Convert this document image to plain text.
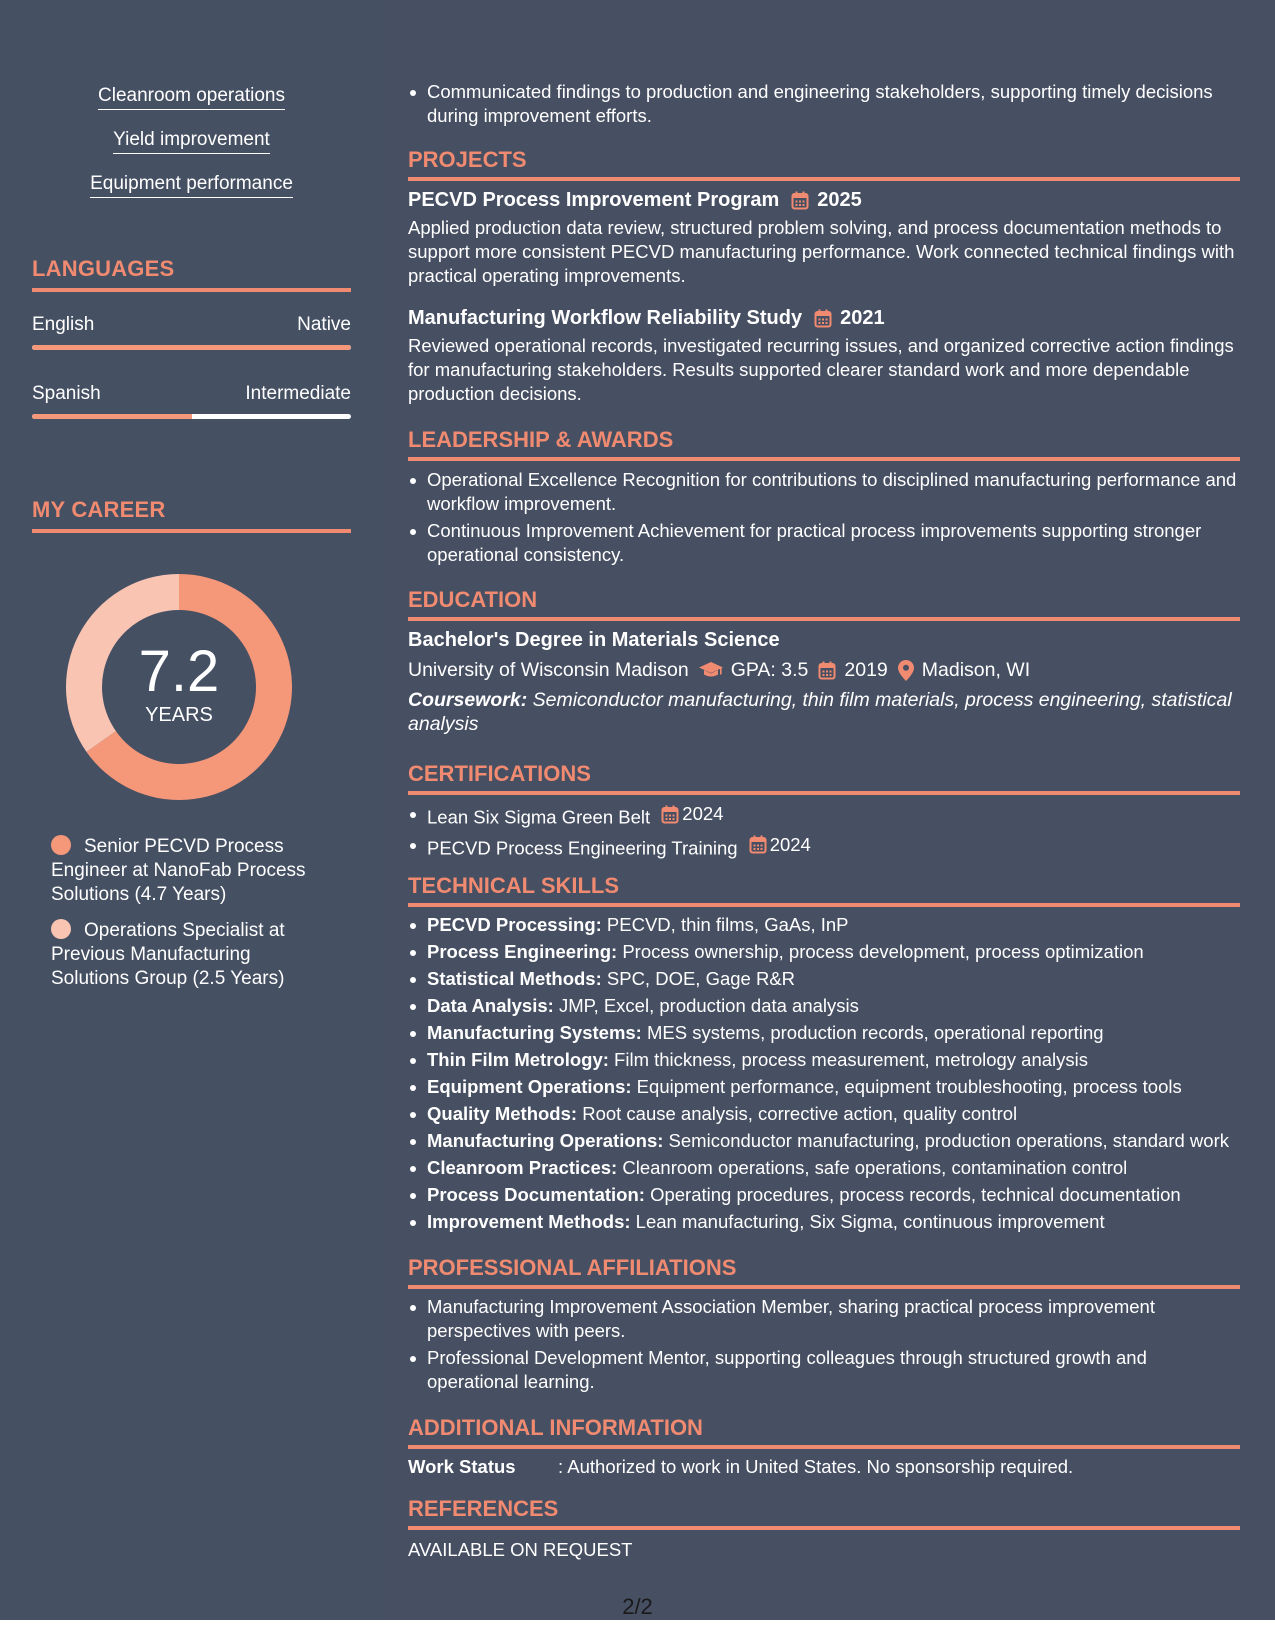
Cleanroom operations
Yield improvement
Equipment performance
LANGUAGES
English	Native
Spanish	Intermediate
MY CAREER
7.2
YEARS
Senior PECVD Process Engineer at NanoFab Process Solutions (4.7 Years)
Operations Specialist at Previous Manufacturing Solutions Group (2.5 Years)
Communicated findings to production and engineering stakeholders, supporting timely decisions during improvement efforts.
PROJECTS
PECVD Process Improvement Program 2025
Applied production data review, structured problem solving, and process documentation methods to support more consistent PECVD manufacturing performance. Work connected technical findings with practical operating improvements.
Manufacturing Workflow Reliability Study 2021
Reviewed operational records, investigated recurring issues, and organized corrective action findings for manufacturing stakeholders. Results supported clearer standard work and more dependable production decisions.
LEADERSHIP & AWARDS
Operational Excellence Recognition for contributions to disciplined manufacturing performance and workflow improvement.
Continuous Improvement Achievement for practical process improvements supporting stronger operational consistency.
EDUCATION
Bachelor's Degree in Materials Science
University of Wisconsin Madison GPA: 3.5 2019 Madison, WI
Coursework: Semiconductor manufacturing, thin film materials, process engineering, statistical analysis
CERTIFICATIONS
Lean Six Sigma Green Belt 2024
PECVD Process Engineering Training 2024
TECHNICAL SKILLS
PECVD Processing: PECVD, thin films, GaAs, InP
Process Engineering: Process ownership, process development, process optimization
Statistical Methods: SPC, DOE, Gage R&R
Data Analysis: JMP, Excel, production data analysis
Manufacturing Systems: MES systems, production records, operational reporting
Thin Film Metrology: Film thickness, process measurement, metrology analysis
Equipment Operations: Equipment performance, equipment troubleshooting, process tools
Quality Methods: Root cause analysis, corrective action, quality control
Manufacturing Operations: Semiconductor manufacturing, production operations, standard work
Cleanroom Practices: Cleanroom operations, safe operations, contamination control
Process Documentation: Operating procedures, process records, technical documentation
Improvement Methods: Lean manufacturing, Six Sigma, continuous improvement
PROFESSIONAL AFFILIATIONS
Manufacturing Improvement Association Member, sharing practical process improvement perspectives with peers.
Professional Development Mentor, supporting colleagues through structured growth and operational learning.
ADDITIONAL INFORMATION
Work Status : Authorized to work in United States. No sponsorship required.
REFERENCES
AVAILABLE ON REQUEST
2/2
